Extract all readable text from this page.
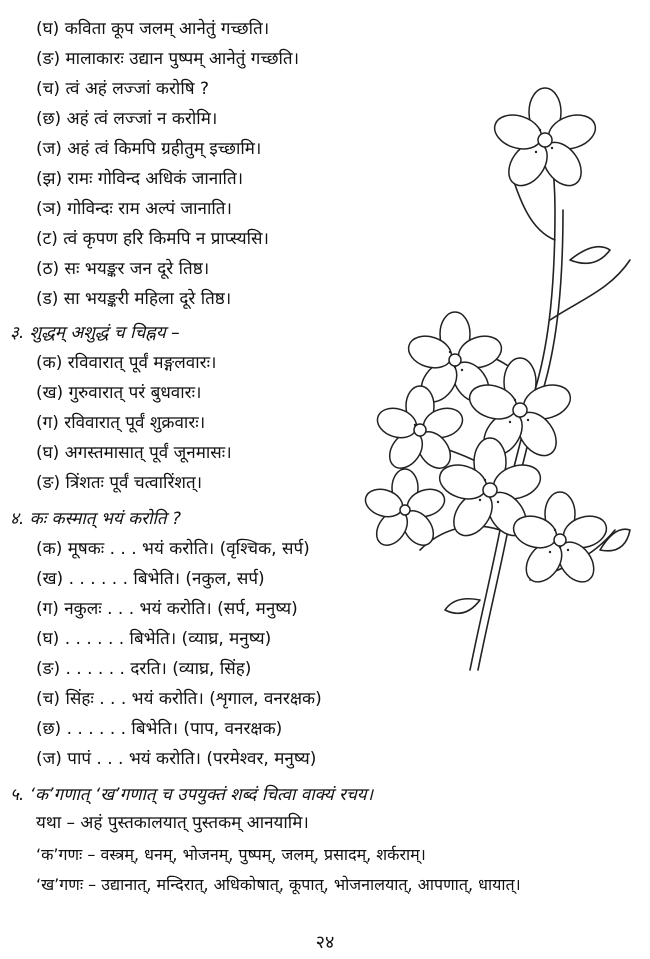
(घ) कविता कूप जलम् आनेतुं गच्छति।
(ङ) मालाकारः उद्यान पुष्पम् आनेतुं गच्छति।
(च) त्वं अहं लज्जां करोषि ?
(छ) अहं त्वं लज्जां न करोमि।
(ज) अहं त्वं किमपि ग्रहीतुम् इच्छामि।
(झ) रामः गोविन्द अधिकं जानाति।
(ञ) गोविन्दः राम अल्पं जानाति।
(ट) त्वं कृपण हरि किमपि न प्राप्स्यसि।
(ठ) सः भयङ्कर जन दूरे तिष्ठ।
(ड) सा भयङ्करी महिला दूरे तिष्ठ।
३. शुद्धम् अशुद्धं च चिह्नय –
(क) रविवारात् पूर्वं मङ्गलवारः।
(ख) गुरुवारात् परं बुधवारः।
(ग) रविवारात् पूर्वं शुक्रवारः।
(घ) अगस्तमासात् पूर्वं जूनमासः।
(ङ) त्रिंशतः पूर्वं चत्वारिंशत्।
४. कः कस्मात् भयं करोति ?
(क) मूषकः . . . भयं करोति। (वृश्चिक, सर्प)
(ख) . . . . . . बिभेति। (नकुल, सर्प)
(ग) नकुलः . . . भयं करोति। (सर्प, मनुष्य)
(घ) . . . . . . बिभेति। (व्याघ्र, मनुष्य)
(ङ) . . . . . . दरति। (व्याघ्र, सिंह)
(च) सिंहः . . . भयं करोति। (शृगाल, वनरक्षक)
(छ) . . . . . . बिभेति। (पाप, वनरक्षक)
(ज) पापं . . . भयं करोति। (परमेश्वर, मनुष्य)
५. ‘क’गणात् ‘ख’गणात् च उपयुक्तं शब्दं चित्वा वाक्यं रचय।
यथा – अहं पुस्तकालयात् पुस्तकम् आनयामि।
‘क’गणः – वस्त्रम्, धनम्, भोजनम्, पुष्पम्, जलम्, प्रसादम्, शर्कराम्।
‘ख’गणः – उद्यानात्, मन्दिरात्, अधिकोषात्, कूपात्, भोजनालयात्, आपणात्, धायात्।
२४
